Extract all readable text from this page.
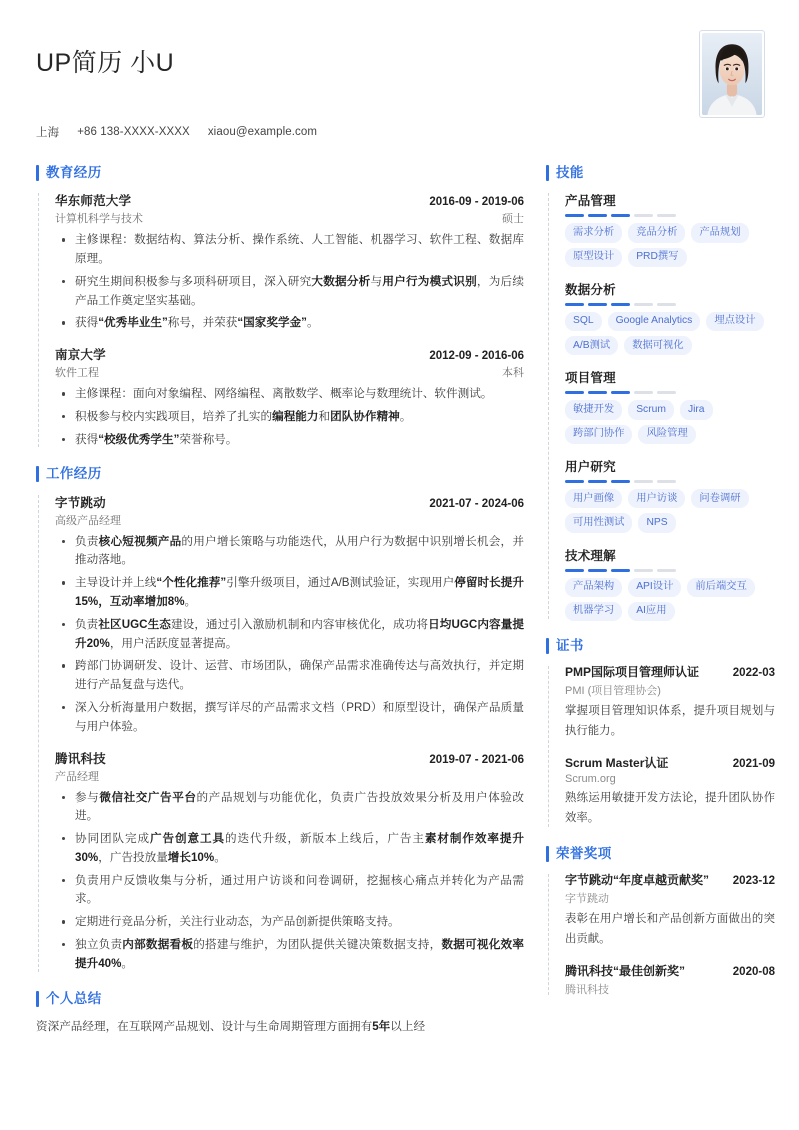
UP简历 小U
上海 +86 138-XXXX-XXXX xiaou@example.com
教育经历
华东师范大学	2016-09 - 2019-06
计算机科学与技术	硕士
主修课程：数据结构、算法分析、操作系统、人工智能、机器学习、软件工程、数据库原理。
研究生期间积极参与多项科研项目，深入研究大数据分析与用户行为模式识别，为后续产品工作奠定坚实基础。
获得“优秀毕业生”称号，并荣获“国家奖学金”。
南京大学	2012-09 - 2016-06
软件工程	本科
主修课程：面向对象编程、网络编程、离散数学、概率论与数理统计、软件测试。
积极参与校内实践项目，培养了扎实的编程能力和团队协作精神。
获得“校级优秀学生”荣誉称号。
工作经历
字节跳动	2021-07 - 2024-06
高级产品经理
负责核心短视频产品的用户增长策略与功能迭代，从用户行为数据中识别增长机会，并推动落地。
主导设计并上线“个性化推荐”引擎升级项目，通过A/B测试验证，实现用户停留时长提升15%，互动率增加8%。
负责社区UGC生态建设，通过引入激励机制和内容审核优化，成功将日均UGC内容量提升20%，用户活跃度显著提高。
跨部门协调研发、设计、运营、市场团队，确保产品需求准确传达与高效执行，并定期进行产品复盘与迭代。
深入分析海量用户数据，撰写详尽的产品需求文档（PRD）和原型设计，确保产品质量与用户体验。
腾讯科技	2019-07 - 2021-06
产品经理
参与微信社交广告平台的产品规划与功能优化，负责广告投放效果分析及用户体验改进。
协同团队完成广告创意工具的迭代升级，新版本上线后，广告主素材制作效率提升30%，广告投放量增长10%。
负责用户反馈收集与分析，通过用户访谈和问卷调研，挖掘核心痛点并转化为产品需求。
定期进行竞品分析，关注行业动态，为产品创新提供策略支持。
独立负责内部数据看板的搭建与维护，为团队提供关键决策数据支持，数据可视化效率提升40%。
个人总结
资深产品经理，在互联网产品规划、设计与生命周期管理方面拥有5年以上经
技能
产品管理
需求分析	竞品分析	产品规划
原型设计	PRD撰写
数据分析
SQL	Google Analytics	埋点设计
A/B测试	数据可视化
项目管理
敏捷开发	Scrum	Jira
跨部门协作	风险管理
用户研究
用户画像	用户访谈	问卷调研
可用性测试	NPS
技术理解
产品架构	API设计	前后端交互
机器学习	AI应用
证书
PMP国际项目管理师认证	2022-03
PMI (项目管理协会)
掌握项目管理知识体系，提升项目规划与执行能力。
Scrum Master认证	2021-09
Scrum.org
熟练运用敏捷开发方法论，提升团队协作效率。
荣誉奖项
字节跳动“年度卓越贡献奖” 2023-12
字节跳动
表彰在用户增长和产品创新方面做出的突出贡献。
腾讯科技“最佳创新奖”	2020-08
腾讯科技
